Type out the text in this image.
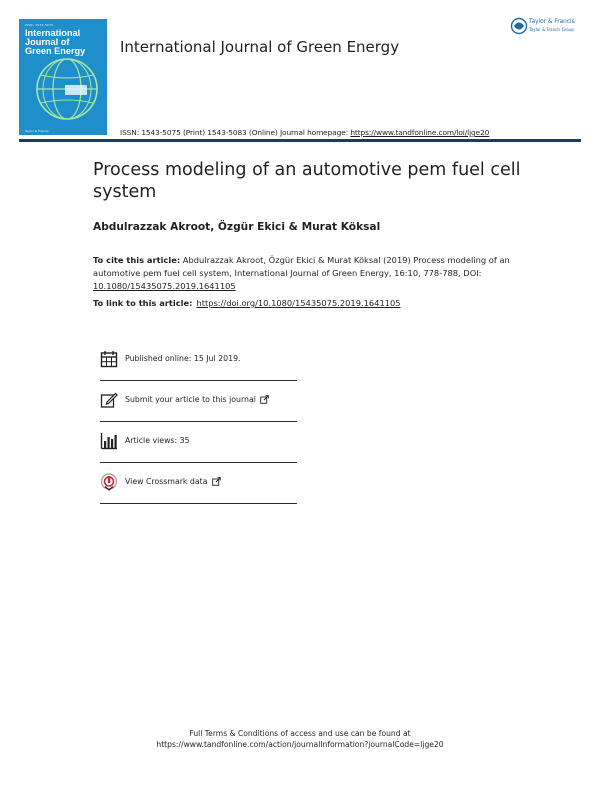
ISSN: 1543-5075
International
Journal of
Green Energy
Taylor & Francis
International Journal of Green Energy
Taylor & Francis
Taylor & Francis Group
ISSN: 1543-5075 (Print) 1543-5083 (Online) Journal homepage: https://www.tandfonline.com/loi/ljge20
Process modeling of an automotive pem fuel cell system
Abdulrazzak Akroot, Özgür Ekici & Murat Köksal
To cite this article: Abdulrazzak Akroot, Özgür Ekici & Murat Köksal (2019) Process modeling of an automotive pem fuel cell system, International Journal of Green Energy, 16:10, 778-788, DOI: 10.1080/15435075.2019.1641105
To link to this article: https://doi.org/10.1080/15435075.2019.1641105
Published online: 15 Jul 2019.
Submit your article to this journal
Article views: 35
View Crossmark data
Full Terms & Conditions of access and use can be found at
https://www.tandfonline.com/action/journalInformation?journalCode=ljge20
